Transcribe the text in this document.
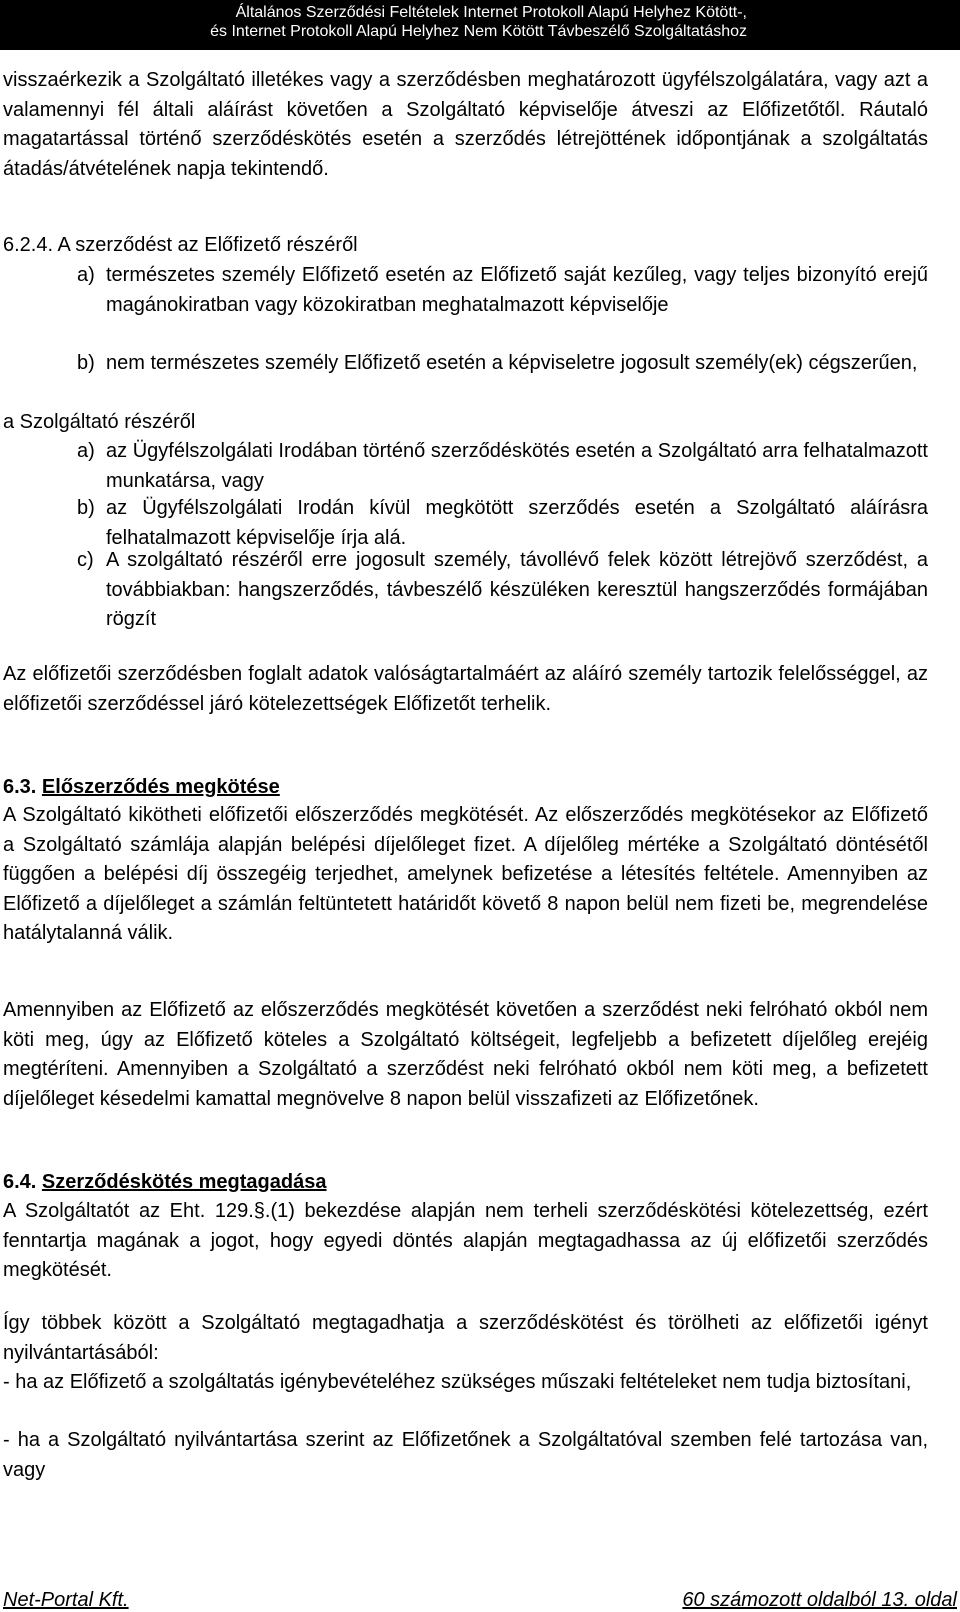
Általános Szerződési Feltételek Internet Protokoll Alapú Helyhez Kötött-,
és Internet Protokoll Alapú Helyhez Nem Kötött Távbeszélő Szolgáltatáshoz

visszaérkezik a Szolgáltató illetékes vagy a szerződésben meghatározott ügyfélszolgálatára, vagy azt a valamennyi fél általi aláírást követően a Szolgáltató képviselője átveszi az Előfizetőtől. Ráutaló magatartással történő szerződéskötés esetén a szerződés létrejöttének időpontjának a szolgáltatás átadás/átvételének napja tekintendő.

6.2.4. A szerződést az Előfizető részéről
a) természetes személy Előfizető esetén az Előfizető saját kezűleg, vagy teljes bizonyító erejű magánokiratban vagy közokiratban meghatalmazott képviselője
b) nem természetes személy Előfizető esetén a képviseletre jogosult személy(ek) cégszerűen,
a Szolgáltató részéről
a) az Ügyfélszolgálati Irodában történő szerződéskötés esetén a Szolgáltató arra felhatalmazott munkatársa, vagy
b) az Ügyfélszolgálati Irodán kívül megkötött szerződés esetén a Szolgáltató aláírásra felhatalmazott képviselője írja alá.
c) A szolgáltató részéről erre jogosult személy, távollévő felek között létrejövő szerződést, a továbbiakban: hangszerződés, távbeszélő készüléken keresztül hangszerződés formájában rögzít

Az előfizetői szerződésben foglalt adatok valóságtartalmáért az aláíró személy tartozik felelősséggel, az előfizetői szerződéssel járó kötelezettségek Előfizetőt terhelik.

6.3. Előszerződés megkötése

A Szolgáltató kikötheti előfizetői előszerződés megkötését. Az előszerződés megkötésekor az Előfizető a Szolgáltató számlája alapján belépési díjelőleget fizet. A díjelőleg mértéke a Szolgáltató döntésétől függően a belépési díj összegéig terjedhet, amelynek befizetése a létesítés feltétele. Amennyiben az Előfizető a díjelőleget a számlán feltüntetett határidőt követő 8 napon belül nem fizeti be, megrendelése hatálytalanná válik.

Amennyiben az Előfizető az előszerződés megkötését követően a szerződést neki felróható okból nem köti meg, úgy az Előfizető köteles a Szolgáltató költségeit, legfeljebb a befizetett díjelőleg erejéig megtéríteni. Amennyiben a Szolgáltató a szerződést neki felróható okból nem köti meg, a befizetett díjelőleget késedelmi kamattal megnövelve 8 napon belül visszafizeti az Előfizetőnek.

6.4. Szerződéskötés megtagadása

A Szolgáltatót az Eht. 129.§.(1) bekezdése alapján nem terheli szerződéskötési kötelezettség, ezért fenntartja magának a jogot, hogy egyedi döntés alapján megtagadhassa az új előfizetői szerződés megkötését.

Így többek között a Szolgáltató megtagadhatja a szerződéskötést és törölheti az előfizetői igényt nyilvántartásából:

- ha az Előfizető a szolgáltatás igénybevételéhez szükséges műszaki feltételeket nem tudja biztosítani,

- ha a Szolgáltató nyilvántartása szerint az Előfizetőnek a Szolgáltatóval szemben felé tartozása van, vagy

Net-Portal Kft.	60 számozott oldalból 13. oldal
